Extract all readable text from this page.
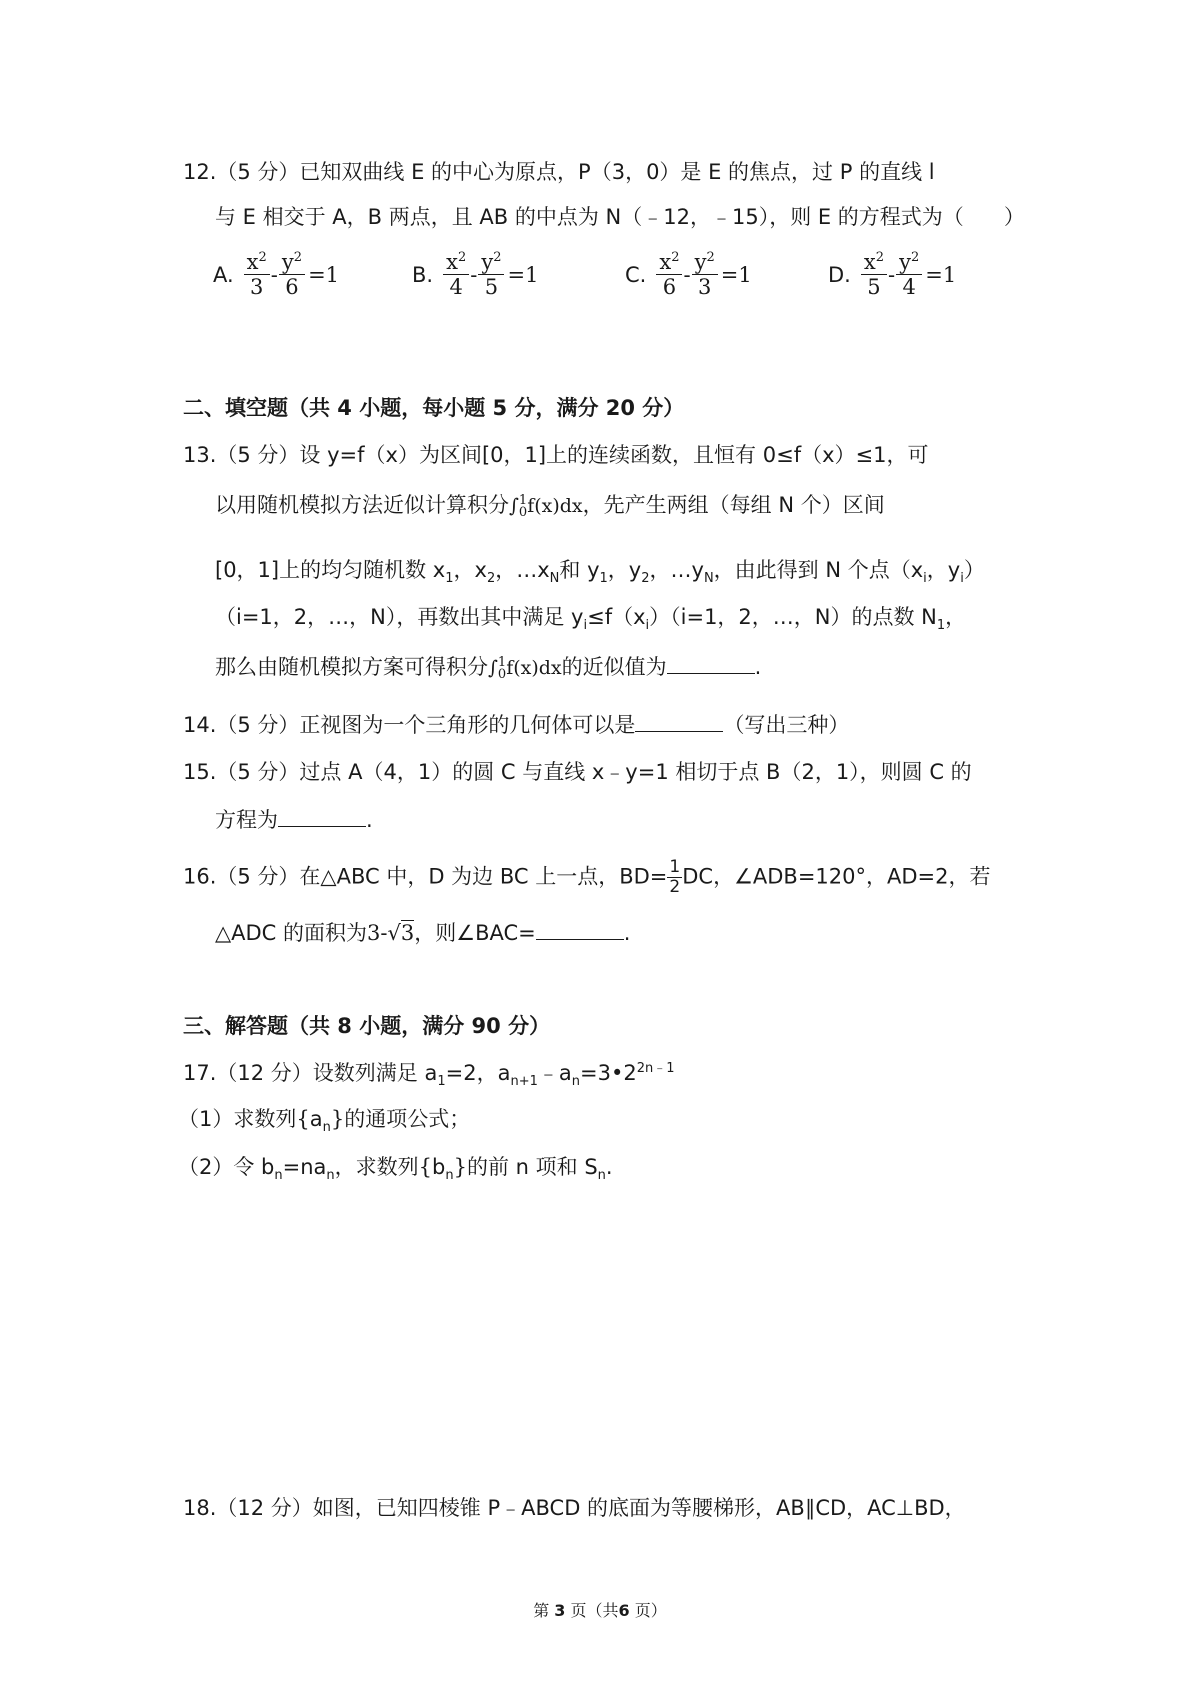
12.（5 分）已知双曲线 E 的中心为原点，P（3，0）是 E 的焦点，过 P 的直线 l
与 E 相交于 A，B 两点，且 AB 的中点为 N（﹣12，﹣15），则 E 的方程式为（ ）
A. $\frac{x^2}{3} - \frac{y^2}{6} =1$	B. $\frac{x^2}{4} - \frac{y^2}{5} =1$	C. $\frac{x^2}{6} - \frac{y^2}{3} =1$	D. $\frac{x^2}{5} - \frac{y^2}{4} =1$
二、填空题（共 4 小题，每小题 5 分，满分 20 分）
13.（5 分）设 y=f（x）为区间[0，1]上的连续函数，且恒有 0≤f（x）≤1，可
以用随机模拟方法近似计算积分∫ 1
0 f(x)dx，先产生两组（每组 N 个）区间
[0，1]上的均匀随机数 $x_1$，$x_2$，$\dots x_N$和 $y_1$，$y_2$，$\dots y_N$，由此得到 N 个点（$x_i$，$y_i$）
（i=1，2，…，N），再数出其中满足 $y_i\le f(x_i)(i=1$，2，…，N）的点数 $N_1$，
那么由随机模拟方案可得积分∫ 1
0 f(x)dx的近似值为	.
14.（5 分）正视图为一个三角形的几何体可以是	（写出三种）
15.（5 分）过点 A（4，1）的圆 C 与直线 x﹣y=1 相切于点 B（2，1），则圆 C 的
方程为	.
16.（5 分）在△ABC 中，D 为边 BC 上一点，$BD= \frac{1}{2}$ DC，∠ADB=120°，AD=2，若
△ADC 的面积为3-√3，则∠BAC=	.
三、解答题（共 8 小题，满分 90 分）
17.（12 分）设数列满足 $a_1=2$，$a_{n+1}﹣a_n=3•2^{2n﹣1}$
（1）求数列$\{a_n\}$的通项公式；
（2）令 $b_n=na_n$，求数列$\{b_n\}$的前 n 项和 $S_n$.
18.（12 分）如图，已知四棱锥 P﹣ABCD 的底面为等腰梯形，AB∥CD，AC⊥BD，
第 3 页（共6 页）
